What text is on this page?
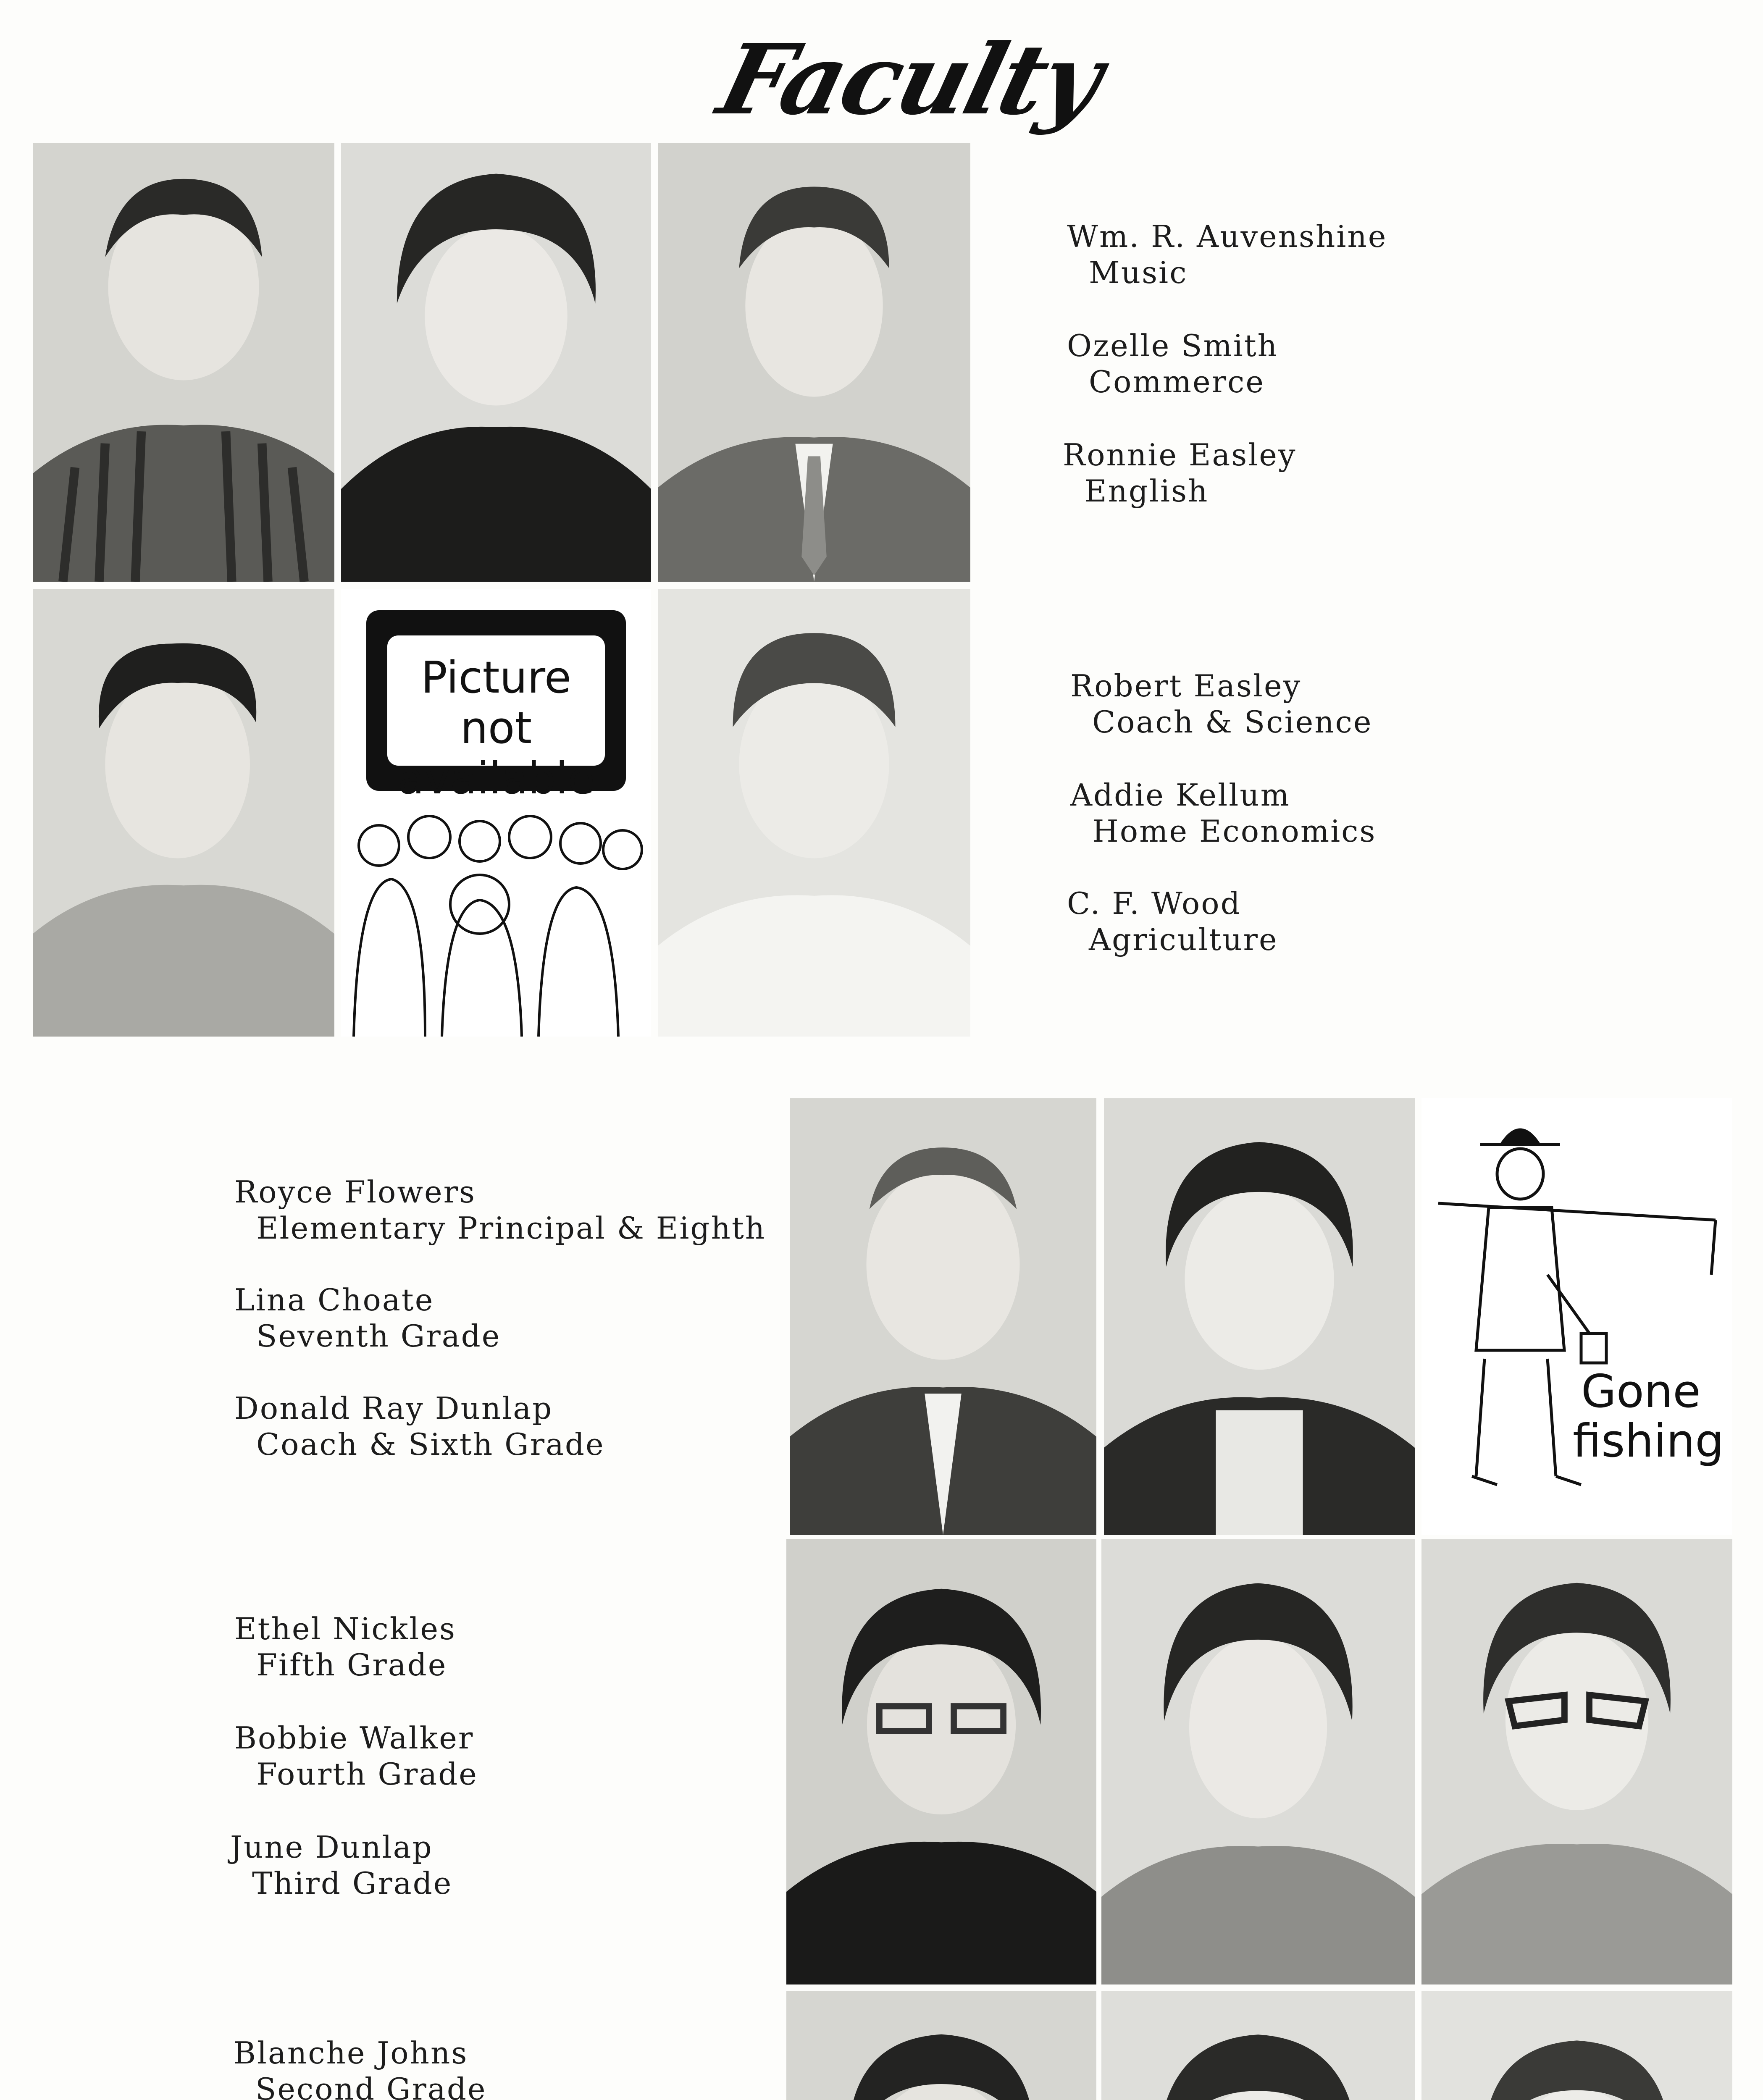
Faculty
Picture not available
Wm. R. Auvenshine
Music
Ozelle Smith
Commerce
Ronnie Easley
English
Robert Easley
Coach & Science
Addie Kellum
Home Economics
C. F. Wood
Agriculture
Gone
fishing
Royce Flowers
Elementary Principal & Eighth
Lina Choate
Seventh Grade
Donald Ray Dunlap
Coach & Sixth Grade
Ethel Nickles
Fifth Grade
Bobbie Walker
Fourth Grade
June Dunlap
Third Grade
Blanche Johns
Second Grade
